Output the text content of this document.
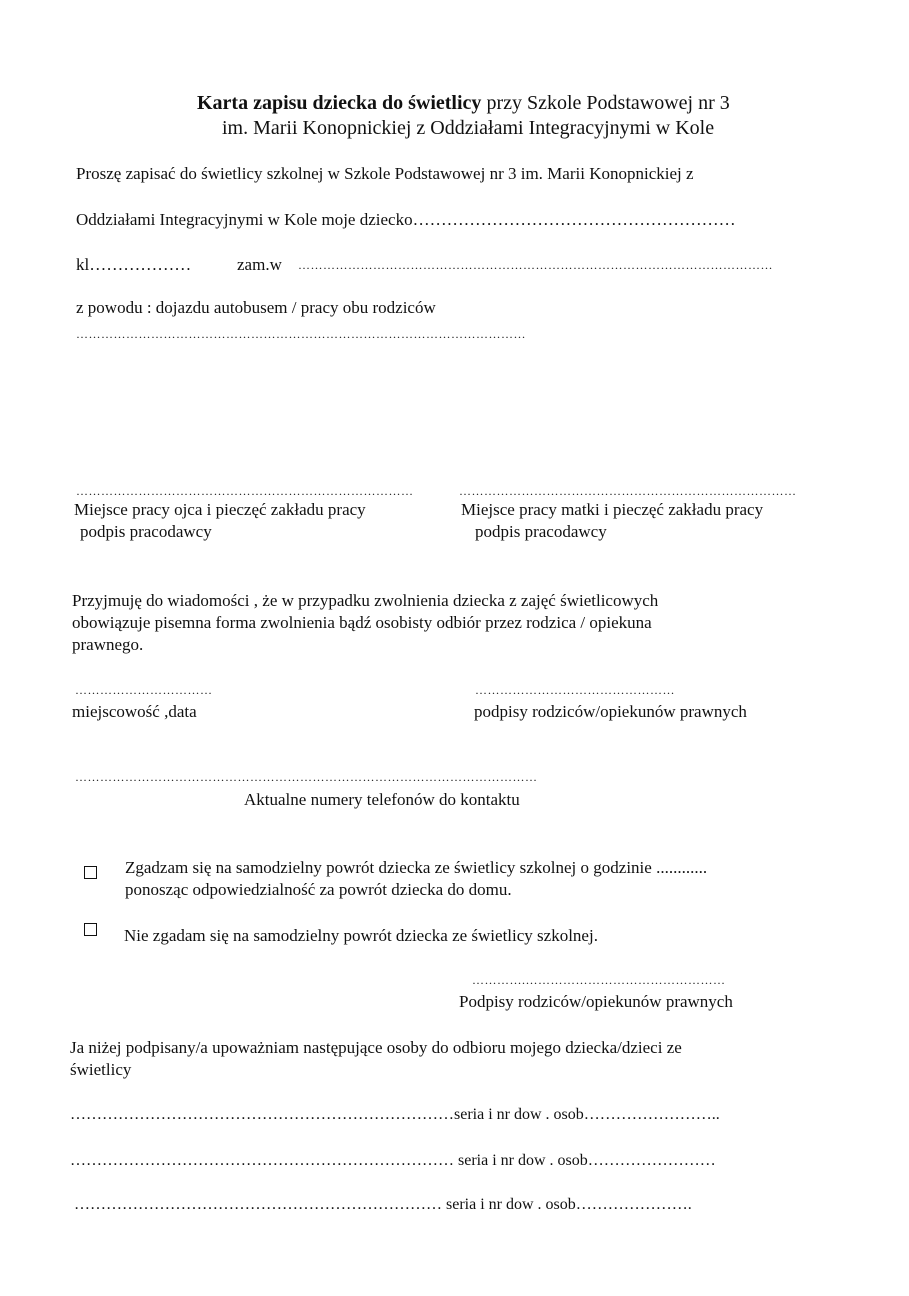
Karta zapisu dziecka do świetlicy przy Szkole Podstawowej nr 3
im. Marii Konopnickiej z Oddziałami Integracyjnymi w Kole
Proszę zapisać do świetlicy szkolnej w Szkole Podstawowej nr 3 im. Marii Konopnickiej z
Oddziałami Integracyjnymi w Kole moje dziecko…………………………………………………
kl………………	zam.w ……………………………………………………………………………………………………
z powodu : dojazdu autobusem / pracy obu rodziców
………………………………………………………………………………………………
………………………………………………………………………
Miejsce pracy ojca i pieczęć zakładu pracy
podpis pracodawcy
………………………………………………………………………
Miejsce pracy matki i pieczęć zakładu pracy
podpis pracodawcy
Przyjmuję do wiadomości , że w przypadku zwolnienia dziecka z zajęć świetlicowych
obowiązuje pisemna forma zwolnienia bądź osobisty odbiór przez rodzica / opiekuna
prawnego.
……………………………
miejscowość ,data
…………………………………………
podpisy rodziców/opiekunów prawnych
…………………………………………………………………………………………………
Aktualne numery telefonów do kontaktu
Zgadzam się na samodzielny powrót dziecka ze świetlicy szkolnej o godzinie ............
ponosząc odpowiedzialność za powrót dziecka do domu.
Nie zgadam się na samodzielny powrót dziecka ze świetlicy szkolnej.
………….…………………………………………
Podpisy rodziców/opiekunów prawnych
Ja niżej podpisany/a upoważniam następujące osoby do odbioru mojego dziecka/dzieci ze
świetlicy
………………………………………………………………seria i nr dow . osob……………………..
……………………………………………………………… seria i nr dow . osob……………………
…………………………………………………………… seria i nr dow . osob………………….
